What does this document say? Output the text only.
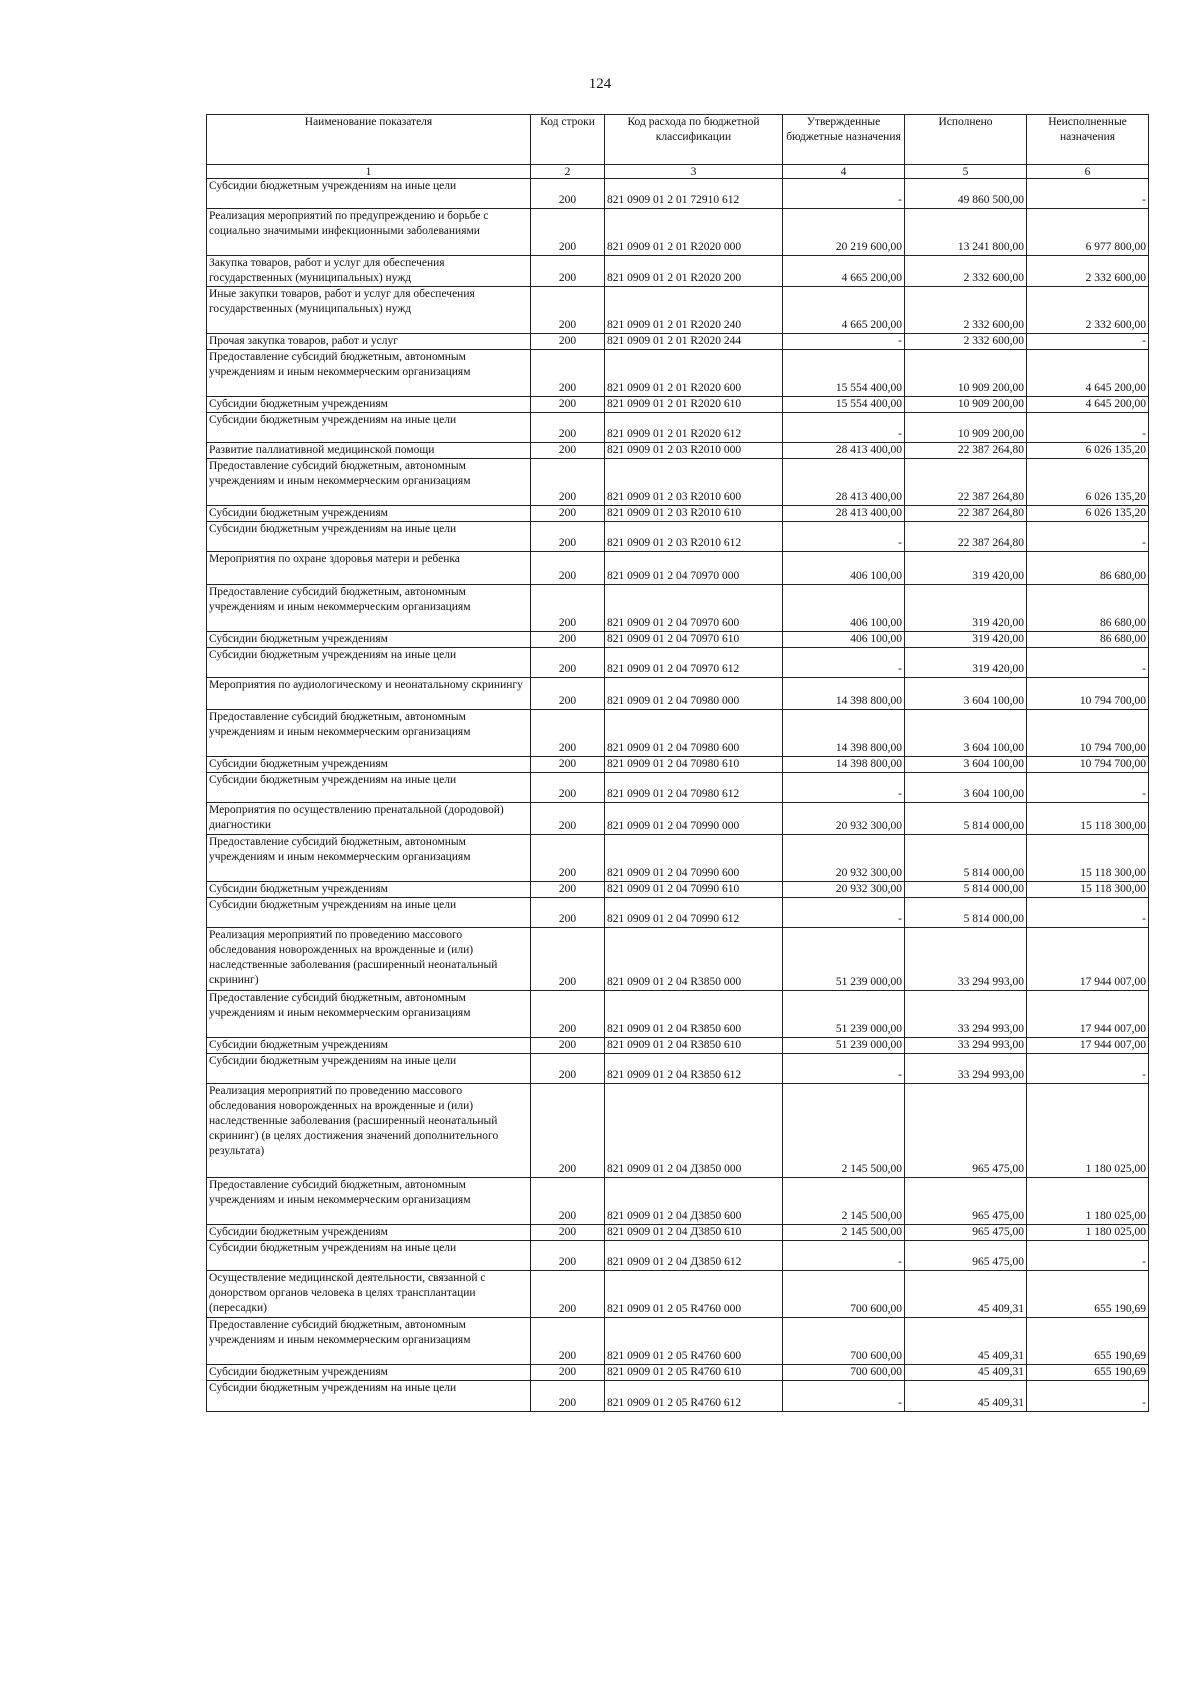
124
Наименование показателя	Код строки	Код расхода по бюджетной классификации	Утвержденные бюджетные назначения	Исполнено	Неисполненные назначения
1	2	3	4	5	6
Субсидии бюджетным учреждениям на иные цели	200	821 0909 01 2 01 72910 612	-	49 860 500,00	-
Реализация мероприятий по предупреждению и борьбе с социально значимыми инфекционными заболеваниями	200	821 0909 01 2 01 R2020 000	20 219 600,00	13 241 800,00	6 977 800,00
Закупка товаров, работ и услуг для обеспечения государственных (муниципальных) нужд	200	821 0909 01 2 01 R2020 200	4 665 200,00	2 332 600,00	2 332 600,00
Иные закупки товаров, работ и услуг для обеспечения государственных (муниципальных) нужд	200	821 0909 01 2 01 R2020 240	4 665 200,00	2 332 600,00	2 332 600,00
Прочая закупка товаров, работ и услуг	200	821 0909 01 2 01 R2020 244	-	2 332 600,00	-
Предоставление субсидий бюджетным, автономным учреждениям и иным некоммерческим организациям	200	821 0909 01 2 01 R2020 600	15 554 400,00	10 909 200,00	4 645 200,00
Субсидии бюджетным учреждениям	200	821 0909 01 2 01 R2020 610	15 554 400,00	10 909 200,00	4 645 200,00
Субсидии бюджетным учреждениям на иные цели	200	821 0909 01 2 01 R2020 612	-	10 909 200,00	-
Развитие паллиативной медицинской помощи	200	821 0909 01 2 03 R2010 000	28 413 400,00	22 387 264,80	6 026 135,20
Предоставление субсидий бюджетным, автономным учреждениям и иным некоммерческим организациям	200	821 0909 01 2 03 R2010 600	28 413 400,00	22 387 264,80	6 026 135,20
Субсидии бюджетным учреждениям	200	821 0909 01 2 03 R2010 610	28 413 400,00	22 387 264,80	6 026 135,20
Субсидии бюджетным учреждениям на иные цели	200	821 0909 01 2 03 R2010 612	-	22 387 264,80	-
Мероприятия по охране здоровья матери и ребенка	200	821 0909 01 2 04 70970 000	406 100,00	319 420,00	86 680,00
Предоставление субсидий бюджетным, автономным учреждениям и иным некоммерческим организациям	200	821 0909 01 2 04 70970 600	406 100,00	319 420,00	86 680,00
Субсидии бюджетным учреждениям	200	821 0909 01 2 04 70970 610	406 100,00	319 420,00	86 680,00
Субсидии бюджетным учреждениям на иные цели	200	821 0909 01 2 04 70970 612	-	319 420,00	-
Мероприятия по аудиологическому и неонатальному скринингу	200	821 0909 01 2 04 70980 000	14 398 800,00	3 604 100,00	10 794 700,00
Предоставление субсидий бюджетным, автономным учреждениям и иным некоммерческим организациям	200	821 0909 01 2 04 70980 600	14 398 800,00	3 604 100,00	10 794 700,00
Субсидии бюджетным учреждениям	200	821 0909 01 2 04 70980 610	14 398 800,00	3 604 100,00	10 794 700,00
Субсидии бюджетным учреждениям на иные цели	200	821 0909 01 2 04 70980 612	-	3 604 100,00	-
Мероприятия по осуществлению пренатальной (дородовой) диагностики	200	821 0909 01 2 04 70990 000	20 932 300,00	5 814 000,00	15 118 300,00
Предоставление субсидий бюджетным, автономным учреждениям и иным некоммерческим организациям	200	821 0909 01 2 04 70990 600	20 932 300,00	5 814 000,00	15 118 300,00
Субсидии бюджетным учреждениям	200	821 0909 01 2 04 70990 610	20 932 300,00	5 814 000,00	15 118 300,00
Субсидии бюджетным учреждениям на иные цели	200	821 0909 01 2 04 70990 612	-	5 814 000,00	-
Реализация мероприятий по проведению массового обследования новорожденных на врожденные и (или) наследственные заболевания (расширенный неонатальный скрининг)	200	821 0909 01 2 04 R3850 000	51 239 000,00	33 294 993,00	17 944 007,00
Предоставление субсидий бюджетным, автономным учреждениям и иным некоммерческим организациям	200	821 0909 01 2 04 R3850 600	51 239 000,00	33 294 993,00	17 944 007,00
Субсидии бюджетным учреждениям	200	821 0909 01 2 04 R3850 610	51 239 000,00	33 294 993,00	17 944 007,00
Субсидии бюджетным учреждениям на иные цели	200	821 0909 01 2 04 R3850 612	-	33 294 993,00	-
Реализация мероприятий по проведению массового обследования новорожденных на врожденные и (или) наследственные заболевания (расширенный неонатальный скрининг) (в целях достижения значений дополнительного результата)	200	821 0909 01 2 04 Д3850 000	2 145 500,00	965 475,00	1 180 025,00
Предоставление субсидий бюджетным, автономным учреждениям и иным некоммерческим организациям	200	821 0909 01 2 04 Д3850 600	2 145 500,00	965 475,00	1 180 025,00
Субсидии бюджетным учреждениям	200	821 0909 01 2 04 Д3850 610	2 145 500,00	965 475,00	1 180 025,00
Субсидии бюджетным учреждениям на иные цели	200	821 0909 01 2 04 Д3850 612	-	965 475,00	-
Осуществление медицинской деятельности, связанной с донорством органов человека в целях трансплантации (пересадки)	200	821 0909 01 2 05 R4760 000	700 600,00	45 409,31	655 190,69
Предоставление субсидий бюджетным, автономным учреждениям и иным некоммерческим организациям	200	821 0909 01 2 05 R4760 600	700 600,00	45 409,31	655 190,69
Субсидии бюджетным учреждениям	200	821 0909 01 2 05 R4760 610	700 600,00	45 409,31	655 190,69
Субсидии бюджетным учреждениям на иные цели	200	821 0909 01 2 05 R4760 612	-	45 409,31	-
